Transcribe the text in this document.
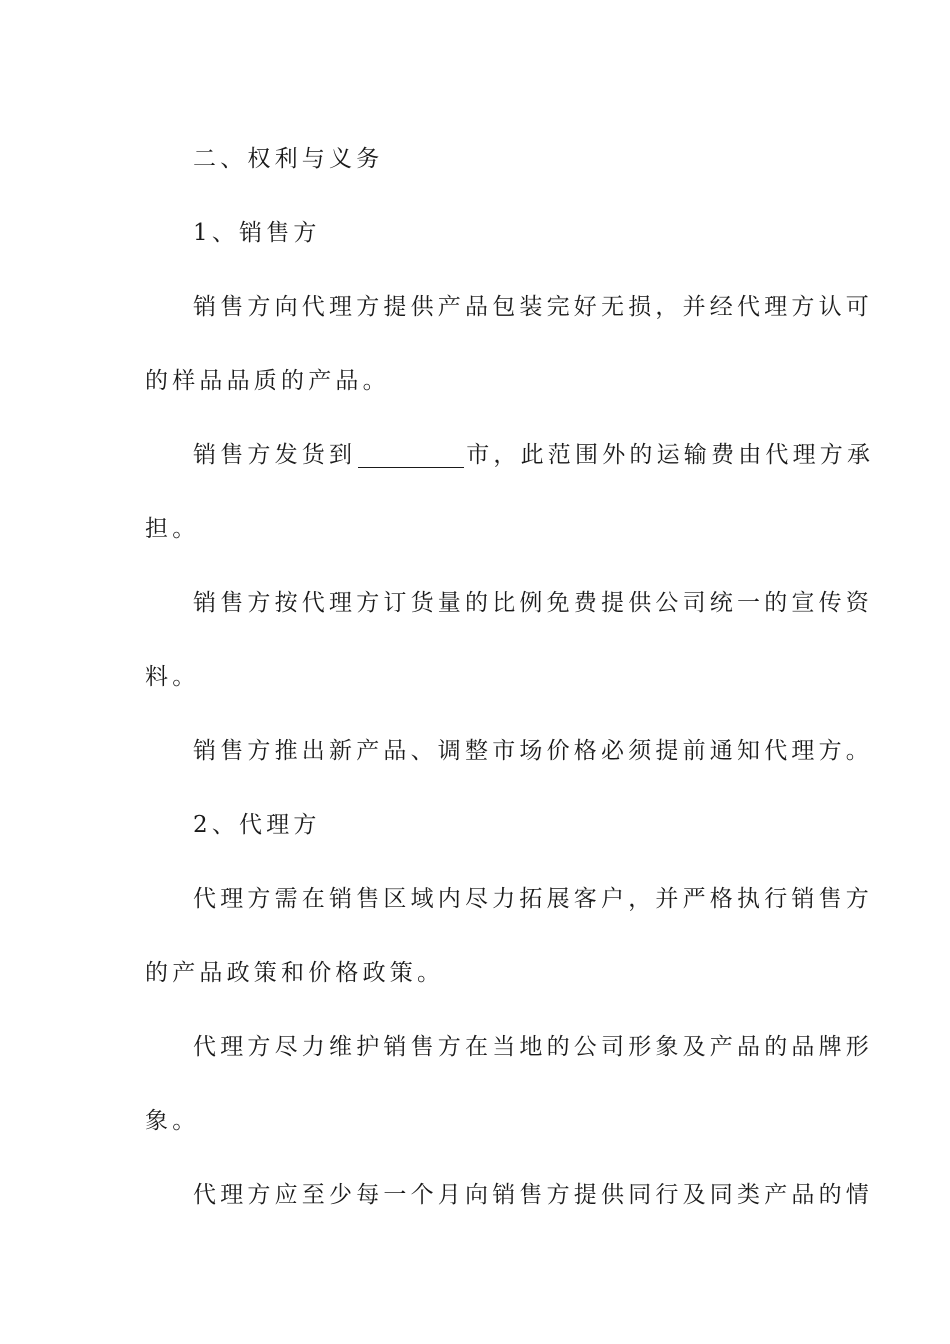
二、权利与义务

1、销售方

销售方向代理方提供产品包装完好无损，并经代理方认可

的样品品质的产品。

销售方发货到	市，此范围外的运输费由代理方承

担。

销售方按代理方订货量的比例免费提供公司统一的宣传资

料。

销售方推出新产品、调整市场价格必须提前通知代理方。

2、代理方

代理方需在销售区域内尽力拓展客户，并严格执行销售方

的产品政策和价格政策。

代理方尽力维护销售方在当地的公司形象及产品的品牌形

象。

代理方应至少每一个月向销售方提供同行及同类产品的情
